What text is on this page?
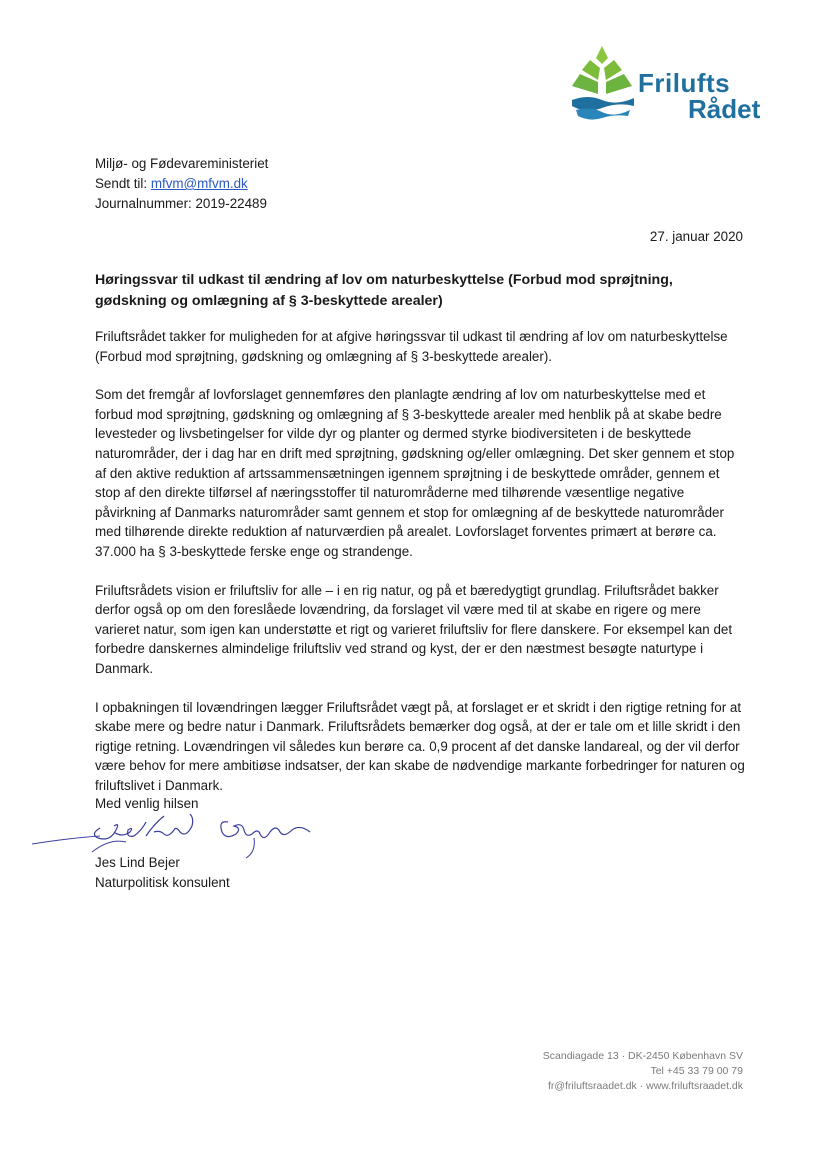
Frilufts
Rådet
Miljø- og Fødevareministeriet
Sendt til: mfvm@mfvm.dk
Journalnummer: 2019-22489
27. januar 2020
Høringssvar til udkast til ændring af lov om naturbeskyttelse (Forbud mod sprøjtning, gødskning og omlægning af § 3-beskyttede arealer)

Friluftsrådet takker for muligheden for at afgive høringssvar til udkast til ændring af lov om naturbeskyttelse (Forbud mod sprøjtning, gødskning og omlægning af § 3-beskyttede arealer).

Som det fremgår af lovforslaget gennemføres den planlagte ændring af lov om naturbeskyttelse med et forbud mod sprøjtning, gødskning og omlægning af § 3-beskyttede arealer med henblik på at skabe bedre levesteder og livsbetingelser for vilde dyr og planter og dermed styrke biodiversiteten i de beskyttede naturområder, der i dag har en drift med sprøjtning, gødskning og/eller omlægning. Det sker gennem et stop af den aktive reduktion af artssammensætningen igennem sprøjtning i de beskyttede områder, gennem et stop af den direkte tilførsel af næringsstoffer til naturområderne med tilhørende væsentlige negative påvirkning af Danmarks naturområder samt gennem et stop for omlægning af de beskyttede naturområder med tilhørende direkte reduktion af naturværdien på arealet. Lovforslaget forventes primært at berøre ca. 37.000 ha § 3-beskyttede ferske enge og strandenge.

Friluftsrådets vision er friluftsliv for alle – i en rig natur, og på et bæredygtigt grundlag. Friluftsrådet bakker derfor også op om den foreslåede lovændring, da forslaget vil være med til at skabe en rigere og mere varieret natur, som igen kan understøtte et rigt og varieret friluftsliv for flere danskere. For eksempel kan det forbedre danskernes almindelige friluftsliv ved strand og kyst, der er den næstmest besøgte naturtype i Danmark.

I opbakningen til lovændringen lægger Friluftsrådet vægt på, at forslaget er et skridt i den rigtige retning for at skabe mere og bedre natur i Danmark. Friluftsrådets bemærker dog også, at der er tale om et lille skridt i den rigtige retning. Lovændringen vil således kun berøre ca. 0,9 procent af det danske landareal, og der vil derfor være behov for mere ambitiøse indsatser, der kan skabe de nødvendige markante forbedringer for naturen og friluftslivet i Danmark.

Med venlig hilsen
Jes Lind Bejer
Naturpolitisk konsulent
Scandiagade 13 · DK-2450 København SV
Tel +45 33 79 00 79
fr@friluftsraadet.dk · www.friluftsraadet.dk
